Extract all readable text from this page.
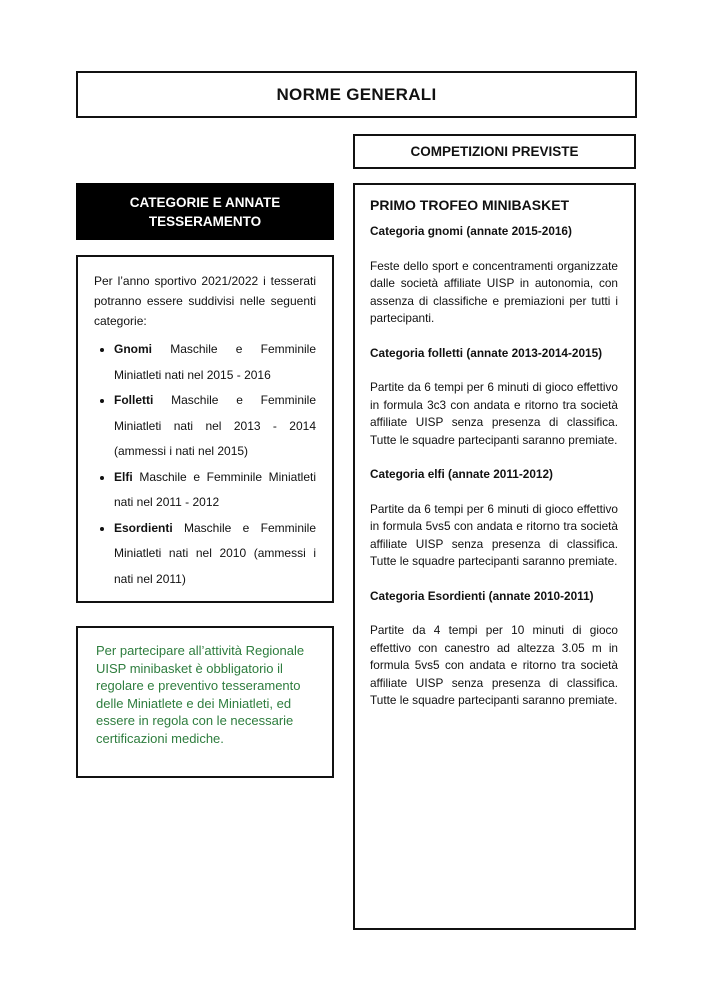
NORME GENERALI
COMPETIZIONI PREVISTE
CATEGORIE E ANNATE TESSERAMENTO

Per l’anno sportivo 2021/2022 i tesserati potranno essere suddivisi nelle seguenti categorie:

• Gnomi Maschile e Femminile Miniatleti nati nel 2015 - 2016
• Folletti Maschile e Femminile Miniatleti nati nel 2013 - 2014 (ammessi i nati nel 2015)
• Elfi Maschile e Femminile Miniatleti nati nel 2011 - 2012
• Esordienti Maschile e Femminile Miniatleti nati nel 2010 (ammessi i nati nel 2011)
Per partecipare all’attività Regionale UISP minibasket è obbligatorio il regolare e preventivo tesseramento delle Miniatlete e dei Miniatleti, ed essere in regola con le necessarie certificazioni mediche.

PRIMO TROFEO MINIBASKET

Categoria gnomi (annate 2015-2016)

Feste dello sport e concentramenti organizzate dalle società affiliate UISP in autonomia, con assenza di classifiche e premiazioni per tutti i partecipanti.

Categoria folletti (annate 2013-2014-2015)

Partite da 6 tempi per 6 minuti di gioco effettivo in formula 3c3 con andata e ritorno tra società affiliate UISP senza presenza di classifica. Tutte le squadre partecipanti saranno premiate.

Categoria elfi (annate 2011-2012)

Partite da 6 tempi per 6 minuti di gioco effettivo in formula 5vs5 con andata e ritorno tra società affiliate UISP senza presenza di classifica. Tutte le squadre partecipanti saranno premiate.

Categoria Esordienti (annate 2010-2011)

Partite da 4 tempi per 10 minuti di gioco effettivo con canestro ad altezza 3.05 m in formula 5vs5 con andata e ritorno tra società affiliate UISP senza presenza di classifica. Tutte le squadre partecipanti saranno premiate.
